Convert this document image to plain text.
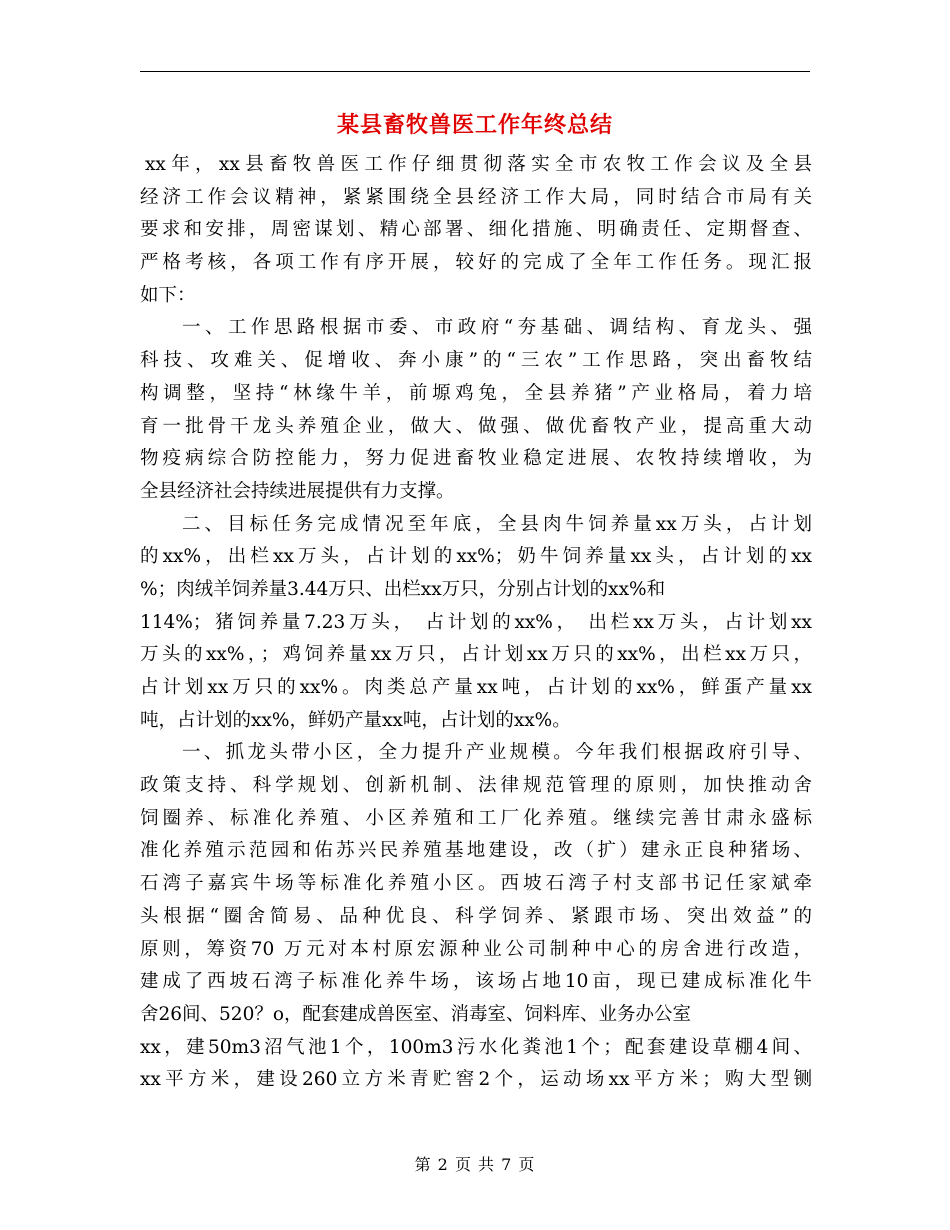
某县畜牧兽医工作年终总结
xx年，xx县畜牧兽医工作仔细贯彻落实全市农牧工作会议及全县
经济工作会议精神，紧紧围绕全县经济工作大局，同时结合市局有关
要求和安排，周密谋划、精心部署、细化措施、明确责任、定期督查、
严格考核，各项工作有序开展，较好的完成了全年工作任务。现汇报
如下：
一、工作思路根据市委、市政府“夯基础、调结构、育龙头、强
科技、攻难关、促增收、奔小康”的“三农”工作思路，突出畜牧结
构调整，坚持“林缘牛羊，前塬鸡兔，全县养猪”产业格局，着力培
育一批骨干龙头养殖企业，做大、做强、做优畜牧产业，提高重大动
物疫病综合防控能力，努力促进畜牧业稳定进展、农牧持续增收，为
全县经济社会持续进展提供有力支撑。
二、目标任务完成情况至年底，全县肉牛饲养量xx万头，占计划
的xx%，出栏xx万头，占计划的xx%；奶牛饲养量xx头，占计划的xx
%；肉绒羊饲养量3.44万只、出栏xx万只，分别占计划的xx%和
114%；猪饲养量7.23万头， 占计划的xx%， 出栏xx万头，占计划xx
万头的xx%，；鸡饲养量xx万只，占计划xx万只的xx%，出栏xx万只，
占计划xx万只的xx%。肉类总产量xx吨，占计划的xx%，鲜蛋产量xx
吨，占计划的xx%，鲜奶产量xx吨，占计划的xx%。
一、抓龙头带小区，全力提升产业规模。今年我们根据政府引导、
政策支持、科学规划、创新机制、法律规范管理的原则，加快推动舍
饲圈养、标准化养殖、小区养殖和工厂化养殖。继续完善甘肃永盛标
准化养殖示范园和佑苏兴民养殖基地建设，改（扩）建永正良种猪场、
石湾子嘉宾牛场等标准化养殖小区。西坡石湾子村支部书记任家斌牵
头根据“圈舍简易、品种优良、科学饲养、紧跟市场、突出效益”的
原则，筹资70 万元对本村原宏源种业公司制种中心的房舍进行改造，
建成了西坡石湾子标准化养牛场，该场占地10亩，现已建成标准化牛
舍26间、520？o，配套建成兽医室、消毒室、饲料库、业务办公室
xx，建50m3沼气池1个，100m3污水化粪池1个；配套建设草棚4间、
xx平方米，建设260立方米青贮窖2个，运动场xx平方米；购大型铡
第 2 页 共 7 页
